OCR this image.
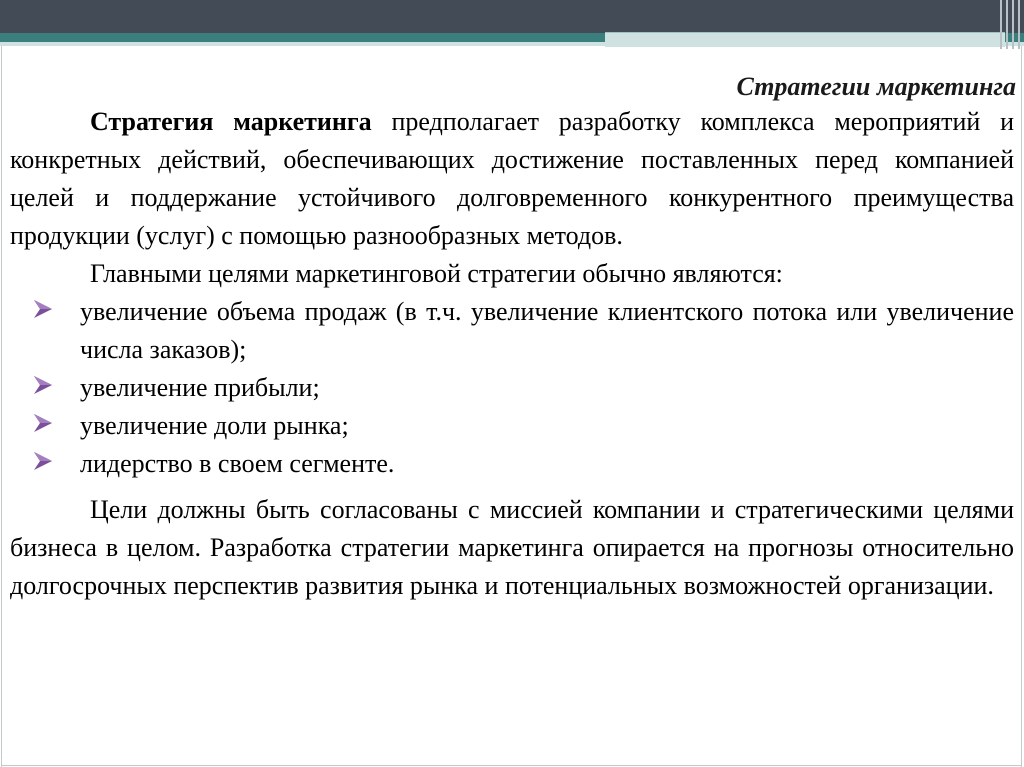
Стратегии маркетинга

Стратегия маркетинга предполагает разработку комплекса мероприятий и конкретных действий, обеспечивающих достижение поставленных перед компанией целей и поддержание устойчивого долговременного конкурентного преимущества продукции (услуг) с помощью разнообразных методов.

Главными целями маркетинговой стратегии обычно являются:

увеличение объема продаж (в т.ч. увеличение клиентского потока или увеличение числа заказов);
увеличение прибыли;
увеличение доли рынка;
лидерство в своем сегменте.

Цели должны быть согласованы с миссией компании и стратегическими целями бизнеса в целом. Разработка стратегии маркетинга опирается на прогнозы относительно долгосрочных перспектив развития рынка и потенциальных возможностей организации.
